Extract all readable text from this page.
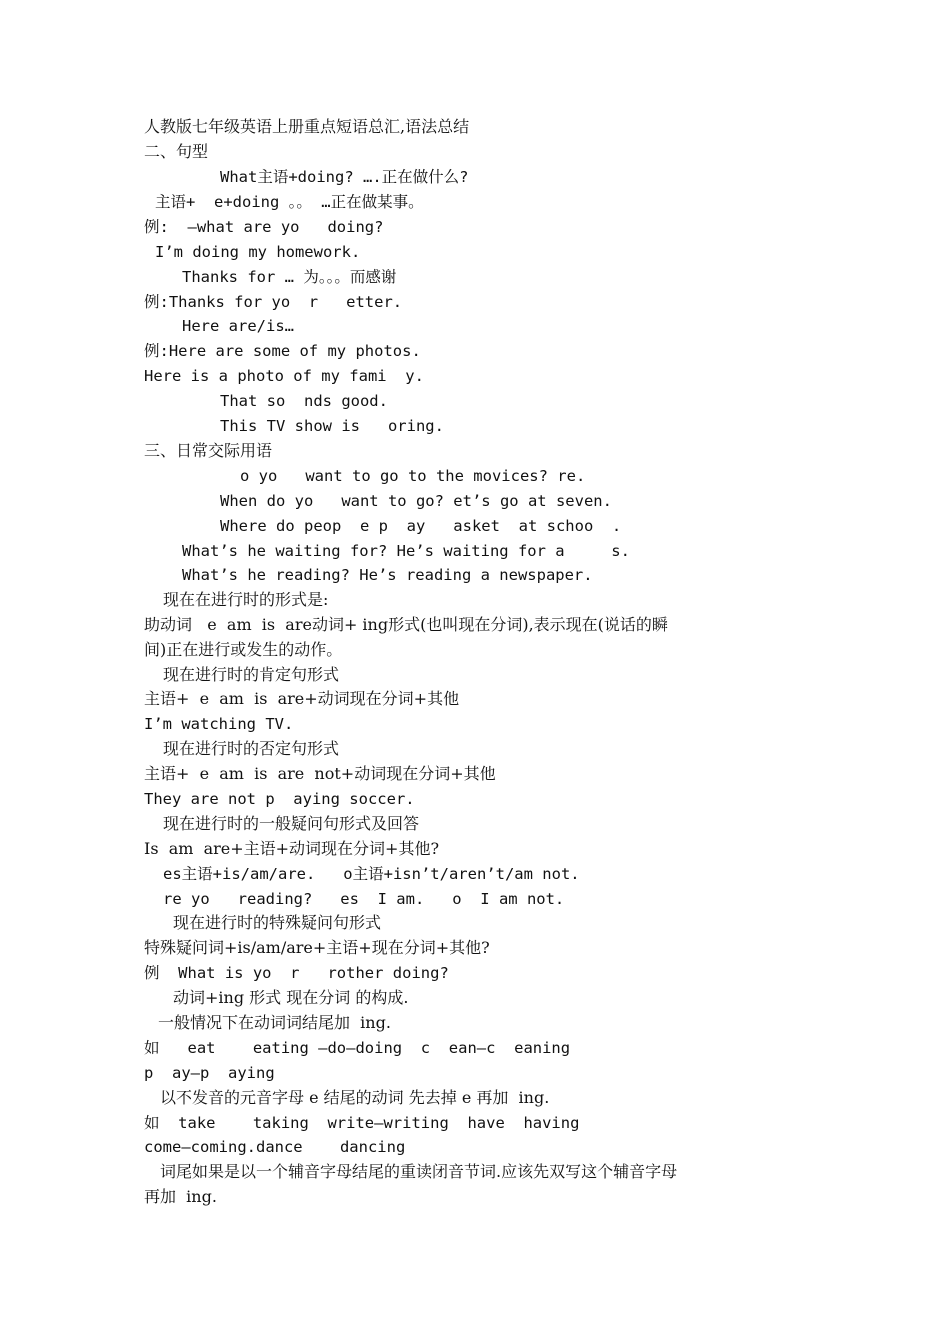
人教版七年级英语上册重点短语总汇,语法总结
二、句型
What主语+doing? ….正在做什么?
主语+  e+doing 。。 …正在做某事。
例:  —what are yo   doing?
I’m doing my homework.
Thanks for … 为。。。而感谢
例:Thanks for yo  r   etter.
Here are/is…
例:Here are some of my photos.
Here is a photo of my fami  y.
That so  nds good.
This TV show is   oring.
三、日常交际用语
o yo   want to go to the movices? re.
When do yo   want to go? et’s go at seven.
Where do peop  e p  ay   asket  at schoo  .
What’s he waiting for? He’s waiting for a     s.
What’s he reading? He’s reading a newspaper.
现在在进行时的形式是:
助动词   e  am  is  are动词+ ing形式(也叫现在分词),表示现在(说话的瞬
间)正在进行或发生的动作。
现在进行时的肯定句形式
主语+  e  am  is  are+动词现在分词+其他
I’m watching TV.
现在进行时的否定句形式
主语+  e  am  is  are  not+动词现在分词+其他
They are not p  aying soccer.
现在进行时的一般疑问句形式及回答
Is  am  are+主语+动词现在分词+其他?
es主语+is/am/are.   o主语+isn’t/aren’t/am not.
re yo   reading?   es  I am.   o  I am not.
现在进行时的特殊疑问句形式
特殊疑问词+is/am/are+主语+现在分词+其他?
例  What is yo  r   rother doing?
动词+ing 形式 现在分词 的构成.
一般情况下在动词词结尾加  ing.
如   eat    eating —do—doing  c  ean—c  eaning
p  ay—p  aying
以不发音的元音字母 e 结尾的动词 先去掉 e 再加  ing.
如  take    taking  write—writing  have  having
come—coming.dance    dancing
词尾如果是以一个辅音字母结尾的重读闭音节词.应该先双写这个辅音字母
再加  ing.
